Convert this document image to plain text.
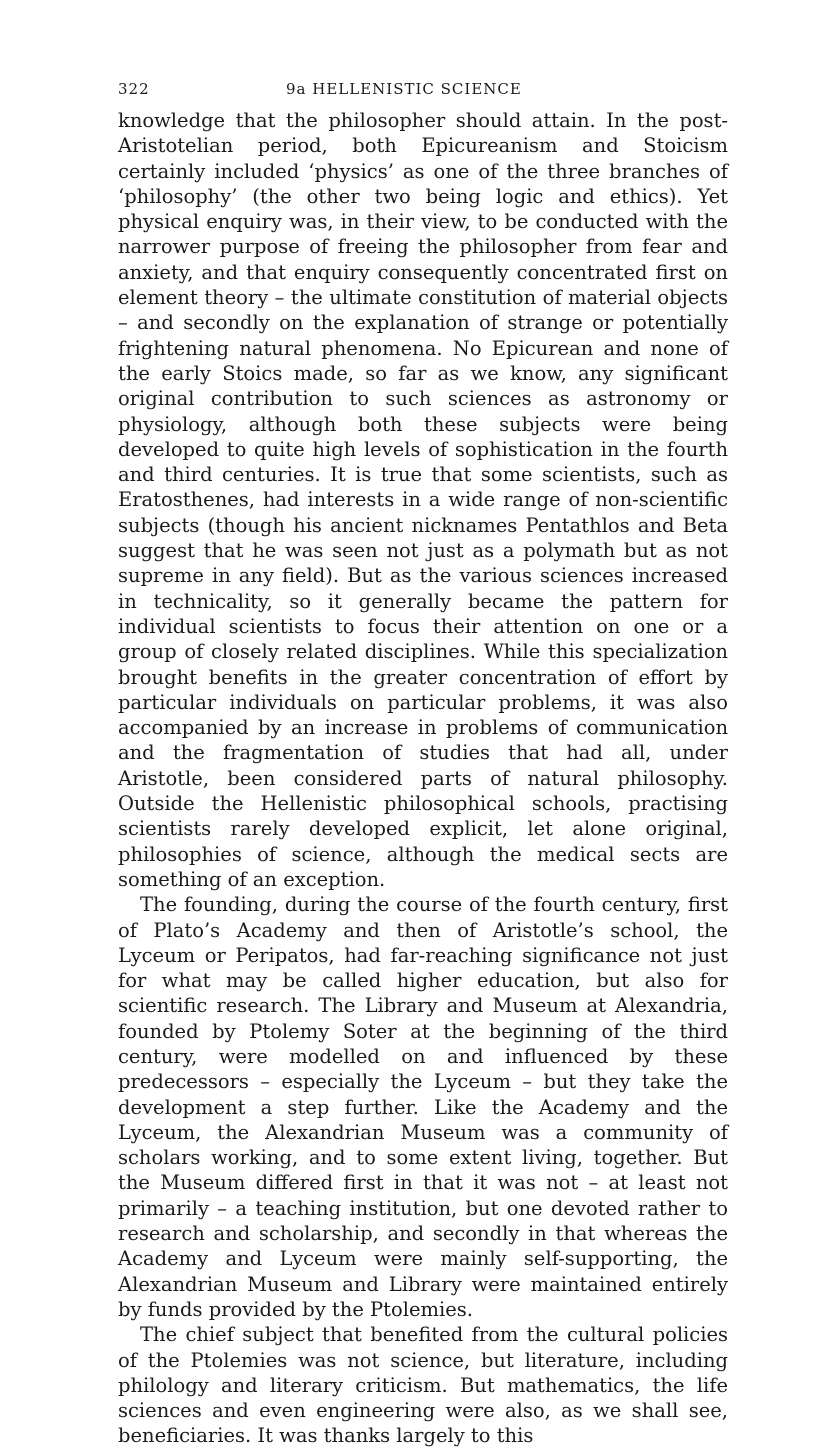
322	9a HELLENISTIC SCIENCE

knowledge that the philosopher should attain. In the post-Aristotelian period, both Epicureanism and Stoicism certainly included ‘physics’ as one of the three branches of ‘philosophy’ (the other two being logic and ethics). Yet physical enquiry was, in their view, to be conducted with the narrower purpose of freeing the philosopher from fear and anxiety, and that enquiry consequently concentrated first on element theory – the ultimate constitution of material objects – and secondly on the explanation of strange or potentially frightening natural phenomena. No Epicurean and none of the early Stoics made, so far as we know, any significant original contribution to such sciences as astronomy or physiology, although both these subjects were being developed to quite high levels of sophistication in the fourth and third centuries. It is true that some scientists, such as Eratosthenes, had interests in a wide range of non-scientific subjects (though his ancient nicknames Pentathlos and Beta suggest that he was seen not just as a polymath but as not supreme in any field). But as the various sciences increased in technicality, so it generally became the pattern for individual scientists to focus their attention on one or a group of closely related disciplines. While this specialization brought benefits in the greater concentration of effort by particular individuals on particular problems, it was also accompanied by an increase in problems of communication and the fragmentation of studies that had all, under Aristotle, been considered parts of natural philosophy. Outside the Hellenistic philosophical schools, practising scientists rarely developed explicit, let alone original, philosophies of science, although the medical sects are something of an exception.

The founding, during the course of the fourth century, first of Plato’s Academy and then of Aristotle’s school, the Lyceum or Peripatos, had far-reaching significance not just for what may be called higher education, but also for scientific research. The Library and Museum at Alexandria, founded by Ptolemy Soter at the beginning of the third century, were modelled on and influenced by these predecessors – especially the Lyceum – but they take the development a step further. Like the Academy and the Lyceum, the Alexandrian Museum was a community of scholars working, and to some extent living, together. But the Museum differed first in that it was not – at least not primarily – a teaching institution, but one devoted rather to research and scholarship, and secondly in that whereas the Academy and Lyceum were mainly self-supporting, the Alexandrian Museum and Library were maintained entirely by funds provided by the Ptolemies.

The chief subject that benefited from the cultural policies of the Ptolemies was not science, but literature, including philology and literary criticism. But mathematics, the life sciences and even engineering were also, as we shall see, beneficiaries. It was thanks largely to this
